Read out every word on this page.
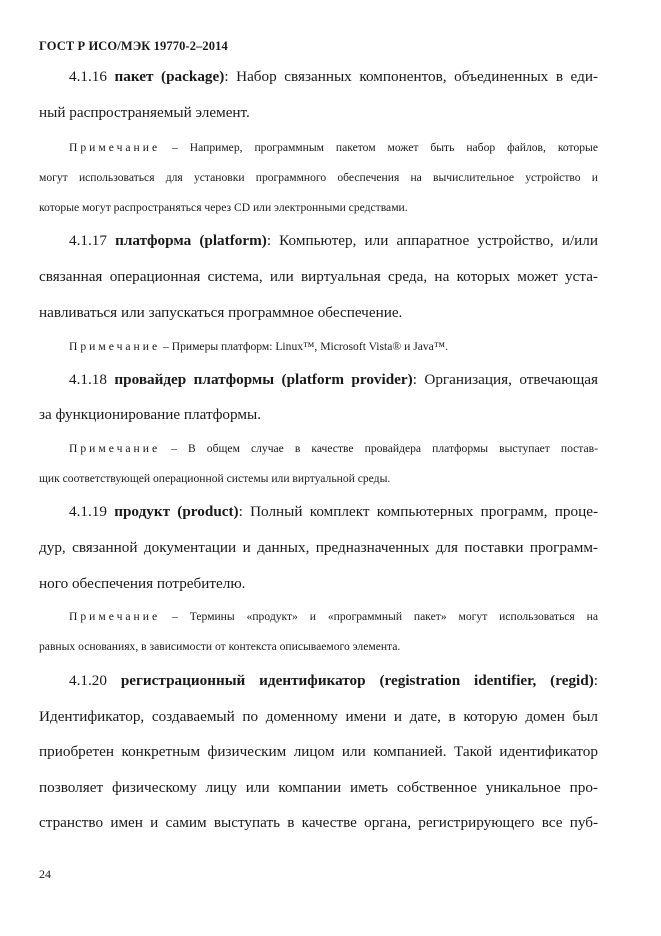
ГОСТ Р ИСО/МЭК 19770-2–2014
4.1.16 пакет (package): Набор связанных компонентов, объединенных в еди-
ный распространяемый элемент.
Примечание – Например, программным пакетом может быть набор файлов, которые
могут использоваться для установки программного обеспечения на вычислительное устройство и
которые могут распространяться через CD или электронными средствами.
4.1.17 платформа (platform): Компьютер, или аппаратное устройство, и/или
связанная операционная система, или виртуальная среда, на которых может уста-
навливаться или запускаться программное обеспечение.
Примечание – Примеры платформ: Linux™, Microsoft Vista® и Java™.
4.1.18 провайдер платформы (platform provider): Организация, отвечающая
за функционирование платформы.
Примечание – В общем случае в качестве провайдера платформы выступает постав-
щик соответствующей операционной системы или виртуальной среды.
4.1.19 продукт (product): Полный комплект компьютерных программ, проце-
дур, связанной документации и данных, предназначенных для поставки программ-
ного обеспечения потребителю.
Примечание – Термины «продукт» и «программный пакет» могут использоваться на
равных основаниях, в зависимости от контекста описываемого элемента.
4.1.20 регистрационный идентификатор (registration identifier, (regid):
Идентификатор, создаваемый по доменному имени и дате, в которую домен был
приобретен конкретным физическим лицом или компанией. Такой идентификатор
позволяет физическому лицу или компании иметь собственное уникальное про-
странство имен и самим выступать в качестве органа, регистрирующего все пуб-
24
